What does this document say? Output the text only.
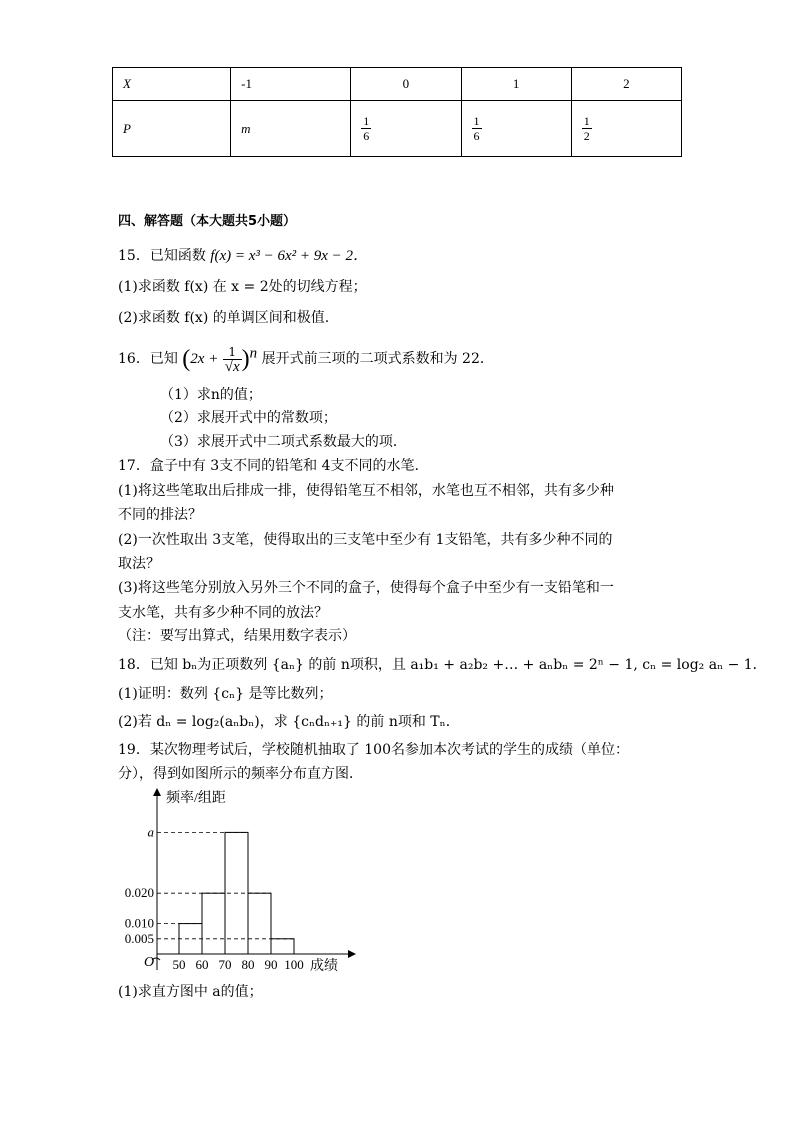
X	-1	0	1	2
P	m	$\frac{1}{6}$	$\frac{1}{6}$	$\frac{1}{2}$
四、解答题（本大题共5小题）
15．已知函数 f(x) = x³ − 6x² + 9x − 2．
(1)求函数 f(x) 在 x = 2处的切线方程；
(2)求函数 f(x) 的单调区间和极值.
16．已知 $(2x + \frac{1}{√x} )^n$ 展开式前三项的二项式系数和为 22．
（1）求n的值；
（2）求展开式中的常数项；
（3）求展开式中二项式系数最大的项．
17．盒子中有 3支不同的铅笔和 4支不同的水笔.
(1)将这些笔取出后排成一排，使得铅笔互不相邻，水笔也互不相邻，共有多少种
不同的排法？
(2)一次性取出 3支笔，使得取出的三支笔中至少有 1支铅笔，共有多少种不同的
取法？
(3)将这些笔分别放入另外三个不同的盒子，使得每个盒子中至少有一支铅笔和一
支水笔，共有多少种不同的放法？
（注：要写出算式，结果用数字表示）
18．已知 bₙ为正项数列 {aₙ} 的前 n项积，且 a₁b₁ + a₂b₂ +… + aₙbₙ = 2ⁿ − 1, cₙ = log₂ aₙ − 1．
(1)证明：数列 {cₙ} 是等比数列；
(2)若 dₙ = log₂(aₙbₙ)，求 {cₙdₙ₊₁} 的前 n项和 Tₙ．
19．某次物理考试后，学校随机抽取了 100名参加本次考试的学生的成绩（单位：
分），得到如图所示的频率分布直方图．
a
0.020
0.010
0.005
50 60 70 80 90 100
频率/组距
成绩
O
(1)求直方图中 a的值；
